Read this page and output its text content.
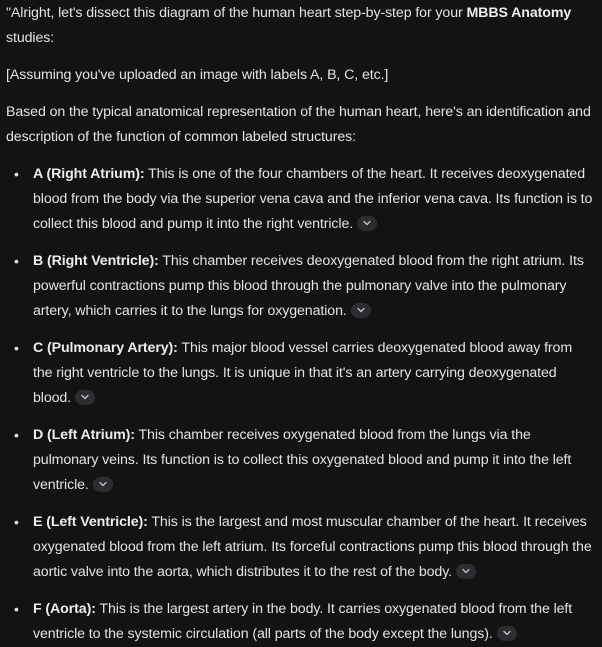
"Alright, let's dissect this diagram of the human heart step-by-step for your MBBS Anatomy studies:

[Assuming you've uploaded an image with labels A, B, C, etc.]

Based on the typical anatomical representation of the human heart, here's an identification and description of the function of common labeled structures:

• A (Right Atrium): This is one of the four chambers of the heart. It receives deoxygenated blood from the body via the superior vena cava and the inferior vena cava. Its function is to collect this blood and pump it into the right ventricle.
• B (Right Ventricle): This chamber receives deoxygenated blood from the right atrium. Its powerful contractions pump this blood through the pulmonary valve into the pulmonary artery, which carries it to the lungs for oxygenation.
• C (Pulmonary Artery): This major blood vessel carries deoxygenated blood away from the right ventricle to the lungs. It is unique in that it's an artery carrying deoxygenated blood.
• D (Left Atrium): This chamber receives oxygenated blood from the lungs via the pulmonary veins. Its function is to collect this oxygenated blood and pump it into the left ventricle.
• E (Left Ventricle): This is the largest and most muscular chamber of the heart. It receives oxygenated blood from the left atrium. Its forceful contractions pump this blood through the aortic valve into the aorta, which distributes it to the rest of the body.
• F (Aorta): This is the largest artery in the body. It carries oxygenated blood from the left ventricle to the systemic circulation (all parts of the body except the lungs).
